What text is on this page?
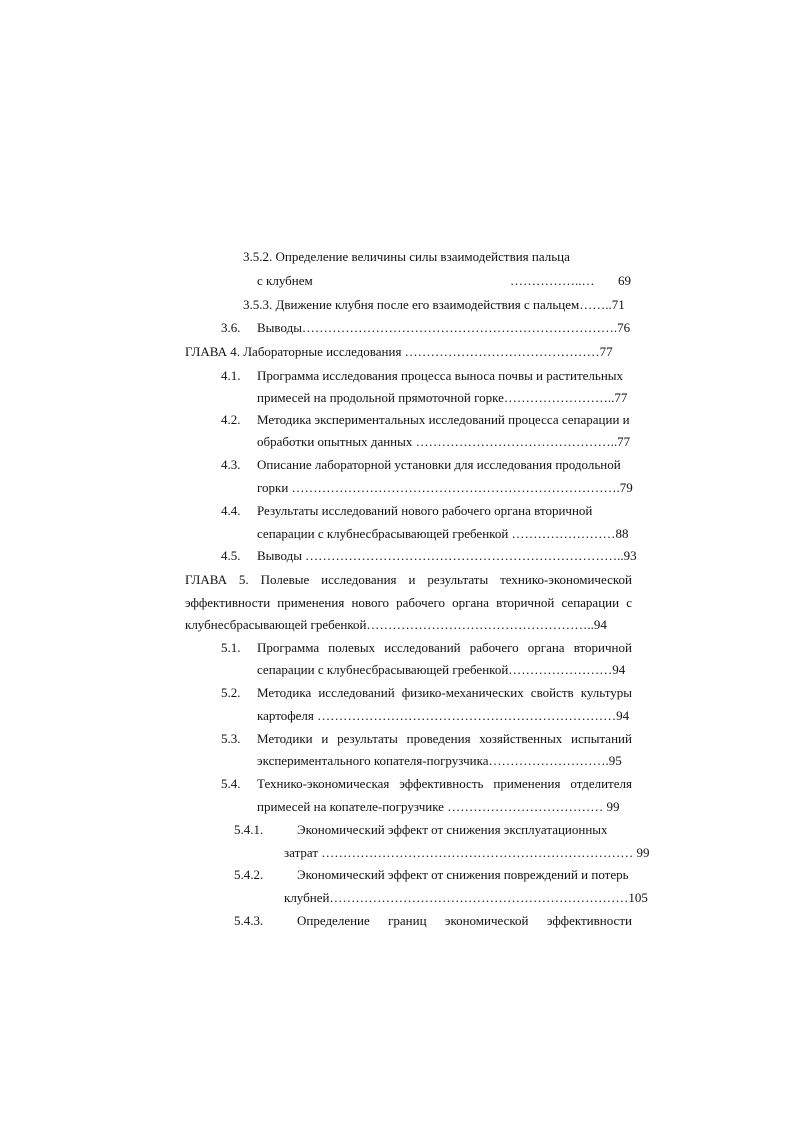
3.5.2. Определение величины силы взаимодействия пальца
с клубнем	……………..… 69
3.5.3. Движение клубня после его взаимодействия с пальцем……..71
3.6. Выводы……………………………………………………………….76
ГЛАВА 4. Лабораторные исследования ………………………………………77
4.1. Программа исследования процесса выноса почвы и растительных
примесей на продольной прямоточной горке……………………..77
4.2. Методика экспериментальных исследований процесса сепарации и
обработки опытных данных ………………………………………..77
4.3. Описание лабораторной установки для исследования продольной
горки ………………………………………………………………….79
4.4. Результаты исследований нового рабочего органа вторичной
сепарации с клубнесбрасывающей гребенкой ……………………88
4.5. Выводы ………………………………………………………………..93
ГЛАВА 5. Полевые исследования и результаты технико-экономической
эффективности применения нового рабочего органа вторичной сепарации с
клубнесбрасывающей гребенкой……………………………………………..94
5.1. Программа полевых исследований рабочего органа вторичной
сепарации с клубнесбрасывающей гребенкой……………………94
5.2. Методика исследований физико-механических свойств культуры
картофеля ……………………………………………………………94
5.3. Методики и результаты проведения хозяйственных испытаний
экспериментального копателя-погрузчика……………………….95
5.4. Технико-экономическая эффективность применения отделителя
примесей на копателе-погрузчике ……………………………… 99
5.4.1.	Экономический эффект от снижения эксплуатационных
затрат ……………………………………………………………… 99
5.4.2.	Экономический эффект от снижения повреждений и потерь
клубней……………………………………………………………105
5.4.3.	Определение границ экономической эффективности
